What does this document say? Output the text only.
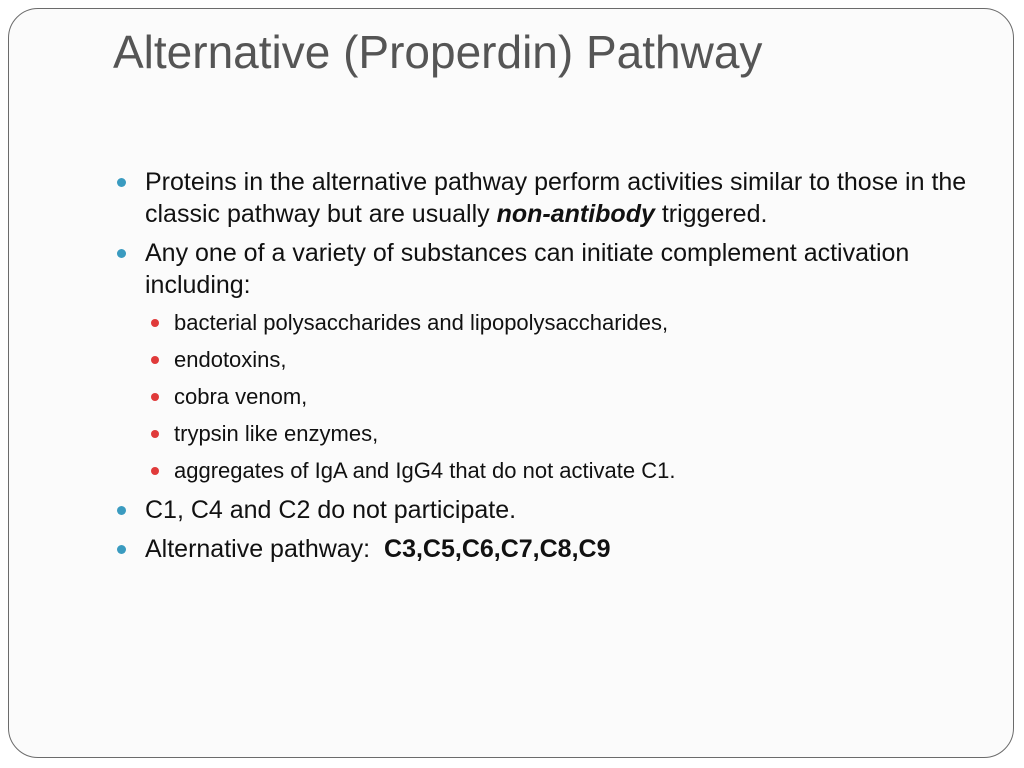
Alternative (Properdin) Pathway
Proteins in the alternative pathway perform activities similar to those in the classic pathway but are usually non-antibody triggered.
Any one of a variety of substances can initiate complement activation including:
bacterial polysaccharides and lipopolysaccharides,
endotoxins,
cobra venom,
trypsin like enzymes,
aggregates of IgA and IgG4 that do not activate C1.
C1, C4 and C2 do not participate.
Alternative pathway:  C3,C5,C6,C7,C8,C9
